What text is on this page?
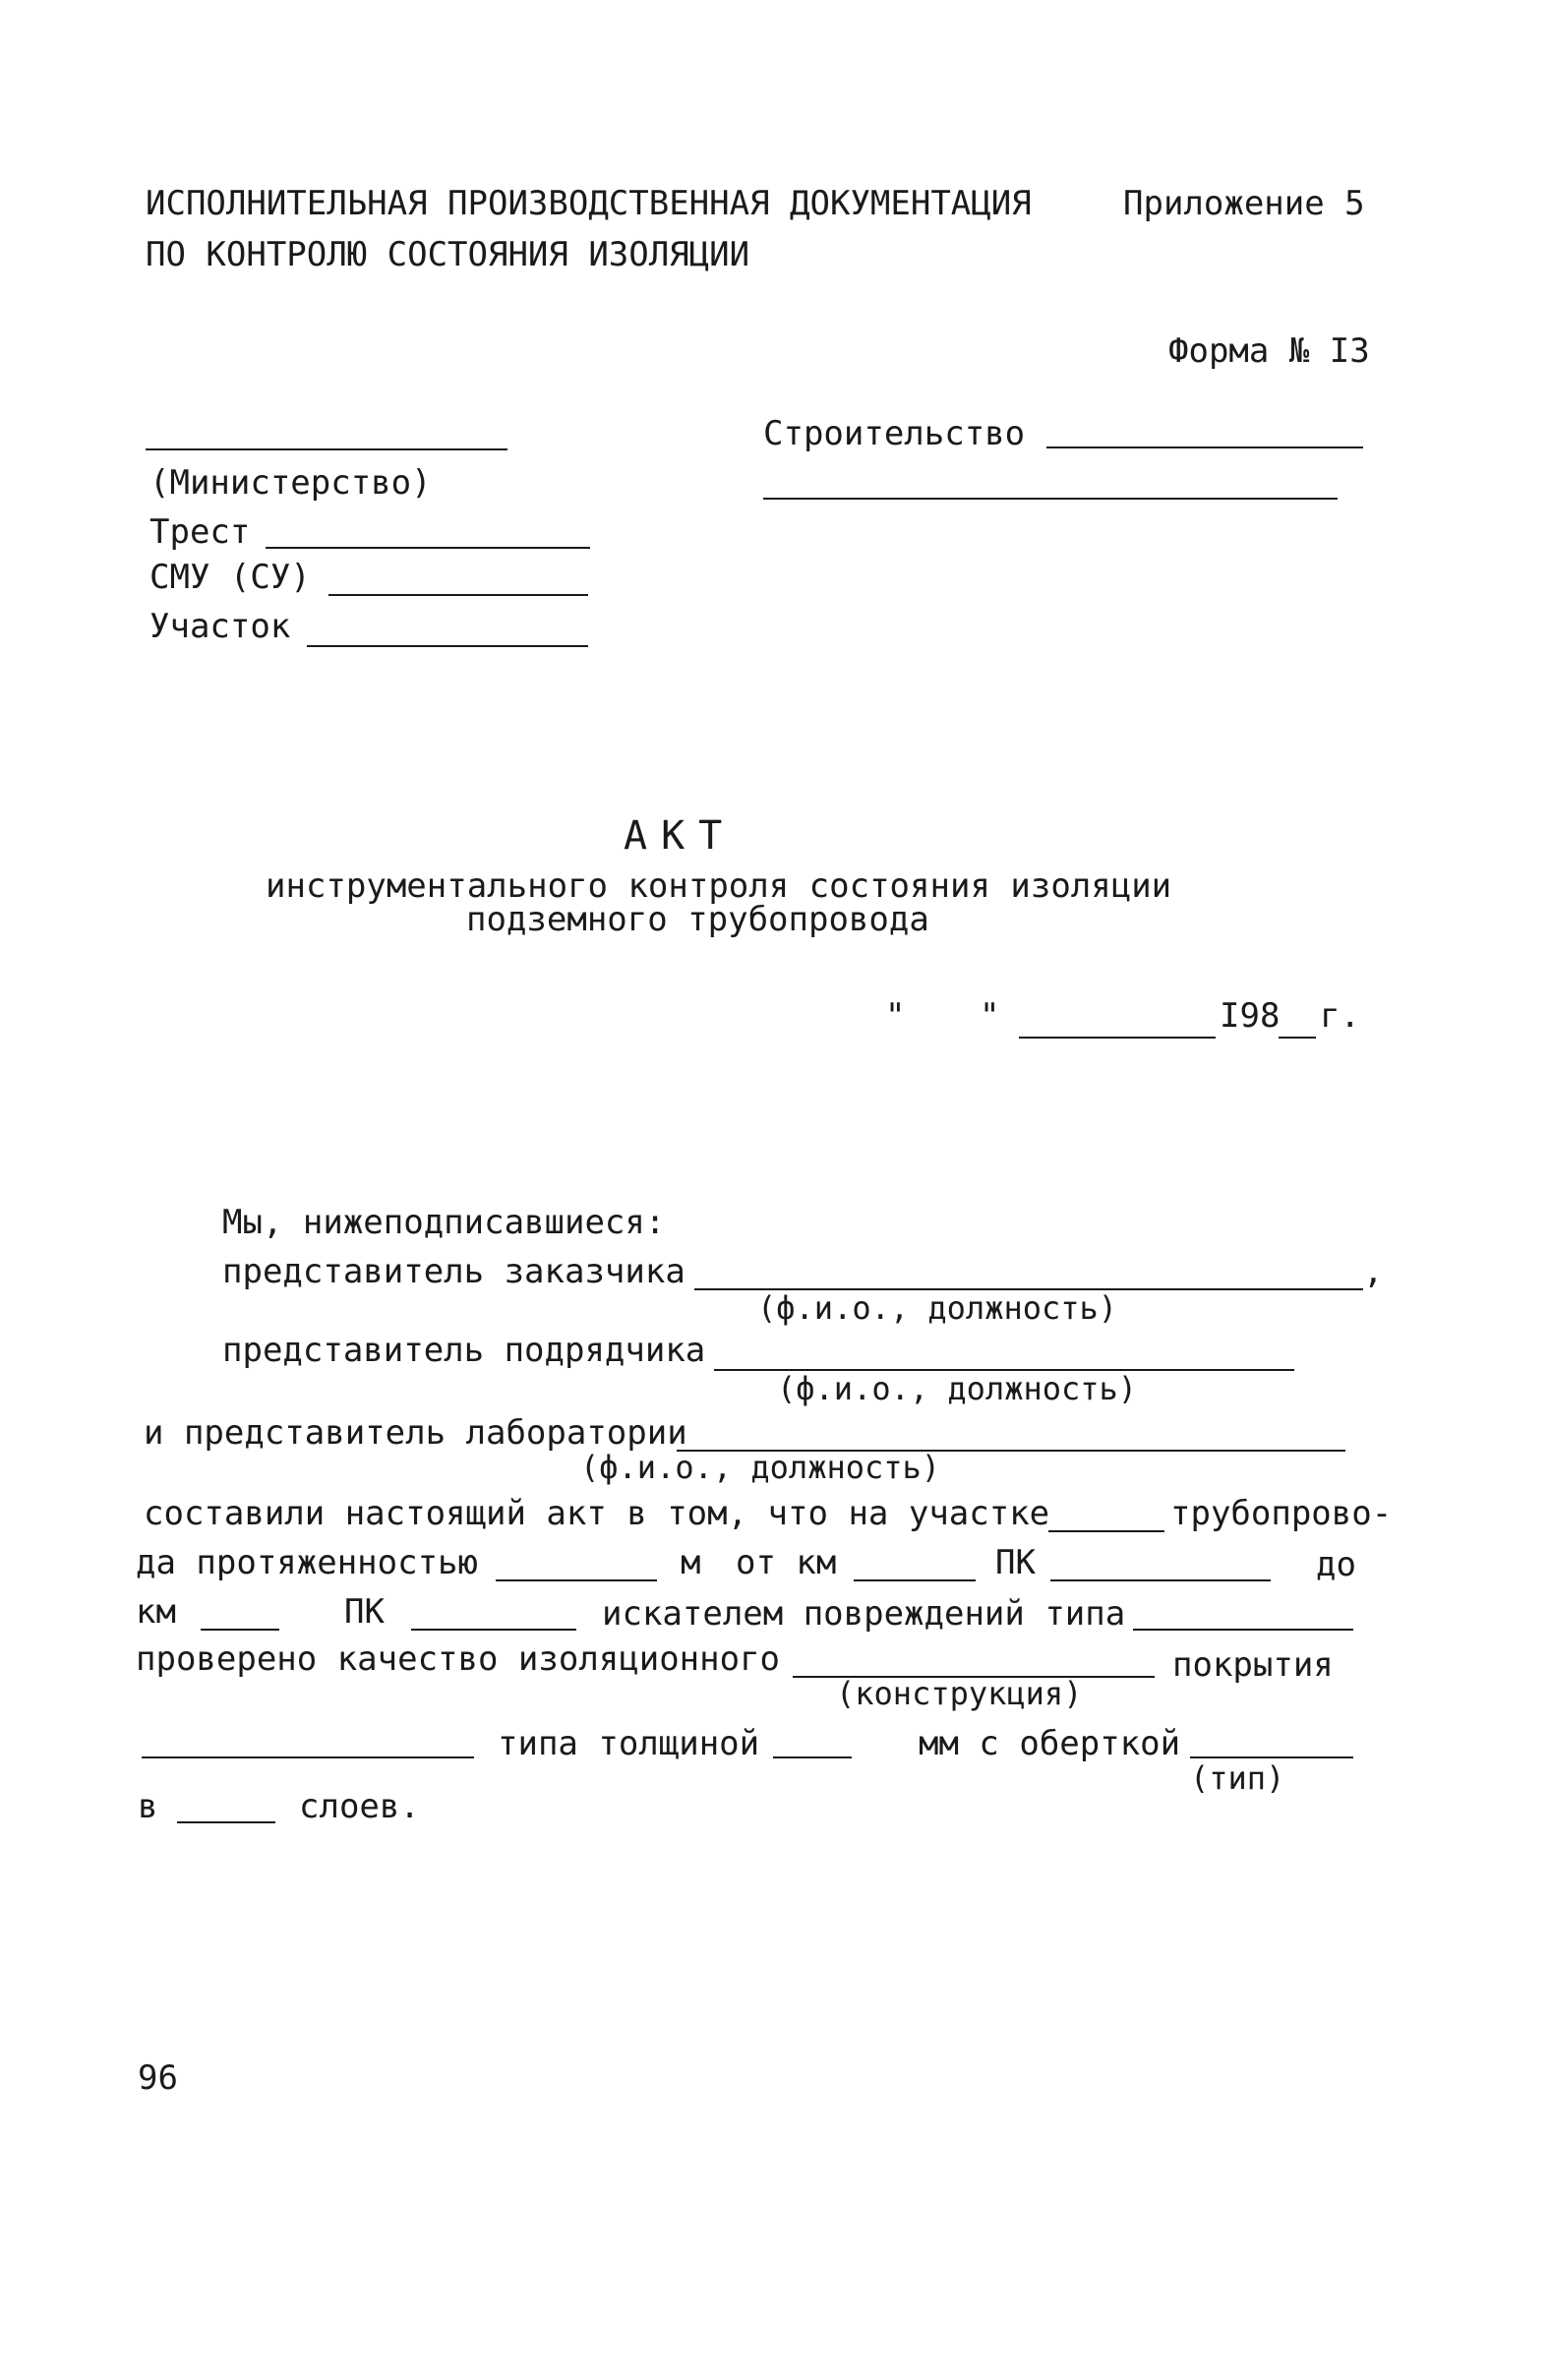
ИСПОЛНИТЕЛЬНАЯ ПРОИЗВОДСТВЕННАЯ ДОКУМЕНТАЦИЯ
ПО КОНТРОЛЮ СОСТОЯНИЯ ИЗОЛЯЦИИ
Приложение 5
Форма № I3
(Министерство)
Трест
СМУ (СУ)
Участок
Строительство
АКТ
инструментального контроля состояния изоляции
подземного трубопровода
" "	I98 г.
Мы, нижеподписавшиеся:
представитель заказчика	,
(ф.и.о., должность)
представитель подрядчика
(ф.и.о., должность)
и представитель лаборатории
(ф.и.о., должность)
составили настоящий акт в том, что на участке	трубопрово-
да протяженностью	м от км	ПК	до
км	ПК	искателем повреждений типа
проверено качество изоляционного
(конструкция)
покрытия
типа толщиной	мм с оберткой
(тип)
в	слоев.
96
